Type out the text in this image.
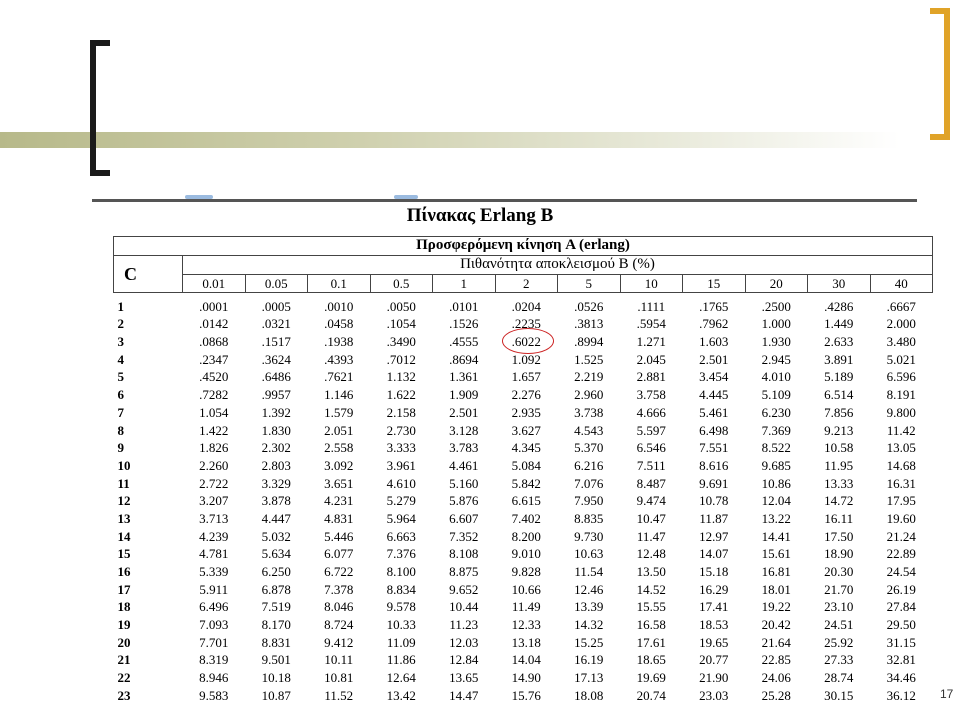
Πίνακας Erlang B
Προσφερόμενη κίνηση A (erlang)												
C	Πιθανότητα αποκλεισμού B (%)											
	0.01	0.05	0.1	0.5	1	2	5	10	15	20	30	40
1	.0001	.0005	.0010	.0050	.0101	.0204	.0526	.1111	.1765	.2500	.4286	.6667
2	.0142	.0321	.0458	.1054	.1526	.2235	.3813	.5954	.7962	1.000	1.449	2.000
3	.0868	.1517	.1938	.3490	.4555	.6022	.8994	1.271	1.603	1.930	2.633	3.480
4	.2347	.3624	.4393	.7012	.8694	1.092	1.525	2.045	2.501	2.945	3.891	5.021
5	.4520	.6486	.7621	1.132	1.361	1.657	2.219	2.881	3.454	4.010	5.189	6.596
6	.7282	.9957	1.146	1.622	1.909	2.276	2.960	3.758	4.445	5.109	6.514	8.191
7	1.054	1.392	1.579	2.158	2.501	2.935	3.738	4.666	5.461	6.230	7.856	9.800
8	1.422	1.830	2.051	2.730	3.128	3.627	4.543	5.597	6.498	7.369	9.213	11.42
9	1.826	2.302	2.558	3.333	3.783	4.345	5.370	6.546	7.551	8.522	10.58	13.05
10	2.260	2.803	3.092	3.961	4.461	5.084	6.216	7.511	8.616	9.685	11.95	14.68
11	2.722	3.329	3.651	4.610	5.160	5.842	7.076	8.487	9.691	10.86	13.33	16.31
12	3.207	3.878	4.231	5.279	5.876	6.615	7.950	9.474	10.78	12.04	14.72	17.95
13	3.713	4.447	4.831	5.964	6.607	7.402	8.835	10.47	11.87	13.22	16.11	19.60
14	4.239	5.032	5.446	6.663	7.352	8.200	9.730	11.47	12.97	14.41	17.50	21.24
15	4.781	5.634	6.077	7.376	8.108	9.010	10.63	12.48	14.07	15.61	18.90	22.89
16	5.339	6.250	6.722	8.100	8.875	9.828	11.54	13.50	15.18	16.81	20.30	24.54
17	5.911	6.878	7.378	8.834	9.652	10.66	12.46	14.52	16.29	18.01	21.70	26.19
18	6.496	7.519	8.046	9.578	10.44	11.49	13.39	15.55	17.41	19.22	23.10	27.84
19	7.093	8.170	8.724	10.33	11.23	12.33	14.32	16.58	18.53	20.42	24.51	29.50
20	7.701	8.831	9.412	11.09	12.03	13.18	15.25	17.61	19.65	21.64	25.92	31.15
21	8.319	9.501	10.11	11.86	12.84	14.04	16.19	18.65	20.77	22.85	27.33	32.81
22	8.946	10.18	10.81	12.64	13.65	14.90	17.13	19.69	21.90	24.06	28.74	34.46
23	9.583	10.87	11.52	13.42	14.47	15.76	18.08	20.74	23.03	25.28	30.15	36.12 17
